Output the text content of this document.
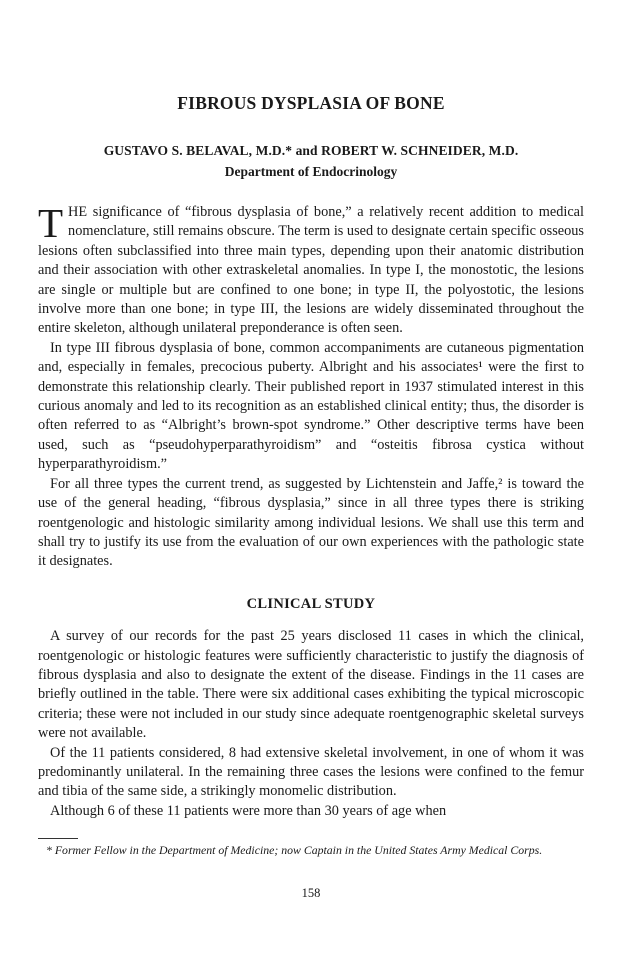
FIBROUS DYSPLASIA OF BONE
GUSTAVO S. BELAVAL, M.D.* and ROBERT W. SCHNEIDER, M.D.
Department of Endocrinology

THE significance of “fibrous dysplasia of bone,” a relatively recent addition to medical nomenclature, still remains obscure. The term is used to designate certain specific osseous lesions often subclassified into three main types, depending upon their anatomic distribution and their association with other extraskeletal anomalies. In type I, the monostotic, the lesions are single or multiple but are confined to one bone; in type II, the polyostotic, the lesions involve more than one bone; in type III, the lesions are widely disseminated throughout the entire skeleton, although unilateral preponderance is often seen.

In type III fibrous dysplasia of bone, common accompaniments are cutaneous pigmentation and, especially in females, precocious puberty. Albright and his associates¹ were the first to demonstrate this relationship clearly. Their published report in 1937 stimulated interest in this curious anomaly and led to its recognition as an established clinical entity; thus, the disorder is often referred to as “Albright’s brown-spot syndrome.” Other descriptive terms have been used, such as “pseudohyperparathyroidism” and “osteitis fibrosa cystica without hyperparathyroidism.”

For all three types the current trend, as suggested by Lichtenstein and Jaffe,² is toward the use of the general heading, “fibrous dysplasia,” since in all three types there is striking roentgenologic and histologic similarity among individual lesions. We shall use this term and shall try to justify its use from the evaluation of our own experiences with the pathologic state it designates.

CLINICAL STUDY

A survey of our records for the past 25 years disclosed 11 cases in which the clinical, roentgenologic or histologic features were sufficiently characteristic to justify the diagnosis of fibrous dysplasia and also to designate the extent of the disease. Findings in the 11 cases are briefly outlined in the table. There were six additional cases exhibiting the typical microscopic criteria; these were not included in our study since adequate roentgenographic skeletal surveys were not available.

Of the 11 patients considered, 8 had extensive skeletal involvement, in one of whom it was predominantly unilateral. In the remaining three cases the lesions were confined to the femur and tibia of the same side, a strikingly monomelic distribution.

Although 6 of these 11 patients were more than 30 years of age when

* Former Fellow in the Department of Medicine; now Captain in the United States Army Medical Corps.
158
